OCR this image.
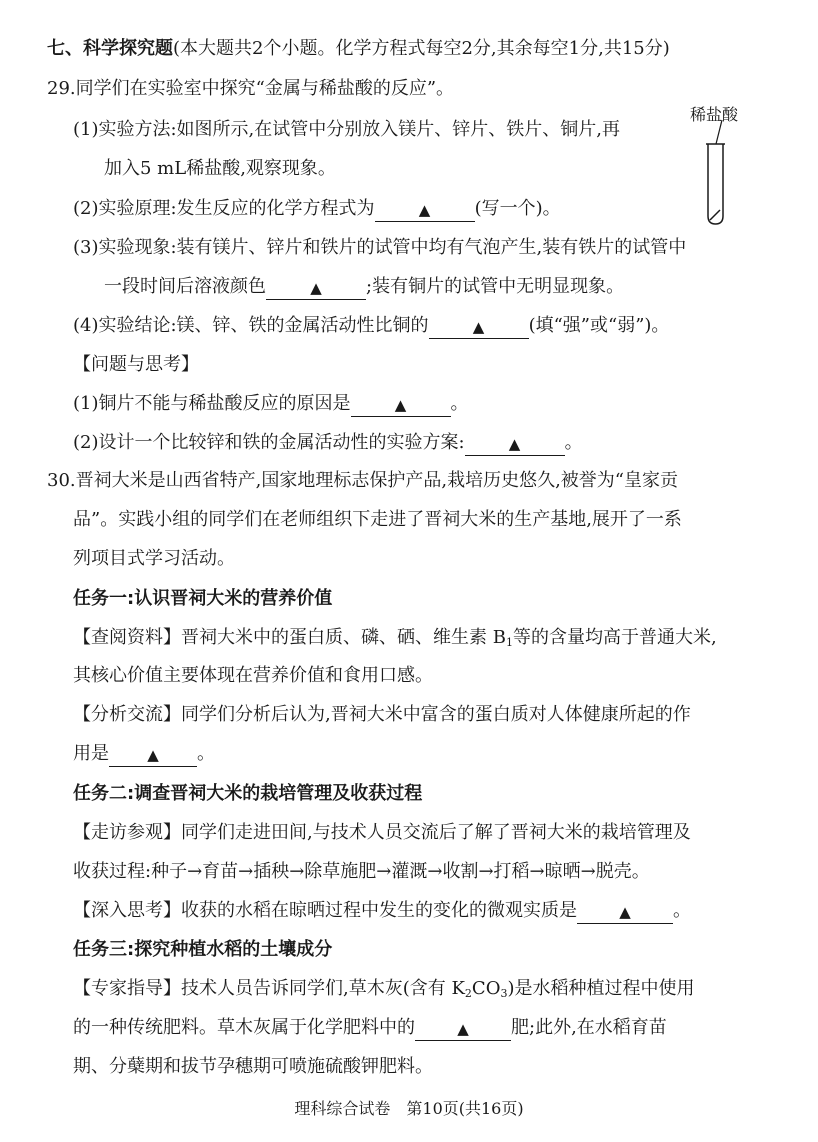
七、科学探究题(本大题共2个小题。化学方程式每空2分,其余每空1分,共15分)
29.同学们在实验室中探究“金属与稀盐酸的反应”。
稀盐酸
(1)实验方法:如图所示,在试管中分别放入镁片、锌片、铁片、铜片,再
加入5 mL稀盐酸,观察现象。
(2)实验原理:发生反应的化学方程式为	▲ (写一个)。
(3)实验现象:装有镁片、锌片和铁片的试管中均有气泡产生,装有铁片的试管中
一段时间后溶液颜色	▲ ;装有铜片的试管中无明显现象。
(4)实验结论:镁、锌、铁的金属活动性比铜的	▲ (填“强”或“弱”)。
【问题与思考】
(1)铜片不能与稀盐酸反应的原因是	▲ 。
(2)设计一个比较锌和铁的金属活动性的实验方案:	▲ 。
30.晋祠大米是山西省特产,国家地理标志保护产品,栽培历史悠久,被誉为“皇家贡
品”。实践小组的同学们在老师组织下走进了晋祠大米的生产基地,展开了一系
列项目式学习活动。
任务一:认识晋祠大米的营养价值
【查阅资料】晋祠大米中的蛋白质、磷、硒、维生素 $B_1$等的含量均高于普通大米,
其核心价值主要体现在营养价值和食用口感。
【分析交流】同学们分析后认为,晋祠大米中富含的蛋白质对人体健康所起的作
用是	▲ 。
任务二:调查晋祠大米的栽培管理及收获过程
【走访参观】同学们走进田间,与技术人员交流后了解了晋祠大米的栽培管理及
收获过程:种子→育苗→插秧→除草施肥→灌溉→收割→打稻→晾晒→脱壳。
【深入思考】收获的水稻在晾晒过程中发生的变化的微观实质是	▲ 。
任务三:探究种植水稻的土壤成分
【专家指导】技术人员告诉同学们,草木灰(含有 $K_2CO_3$)是水稻种植过程中使用
的一种传统肥料。草木灰属于化学肥料中的	▲ 肥;此外,在水稻育苗
期、分蘖期和拔节孕穗期可喷施硫酸钾肥料。
理科综合试卷　第10页(共16页)
